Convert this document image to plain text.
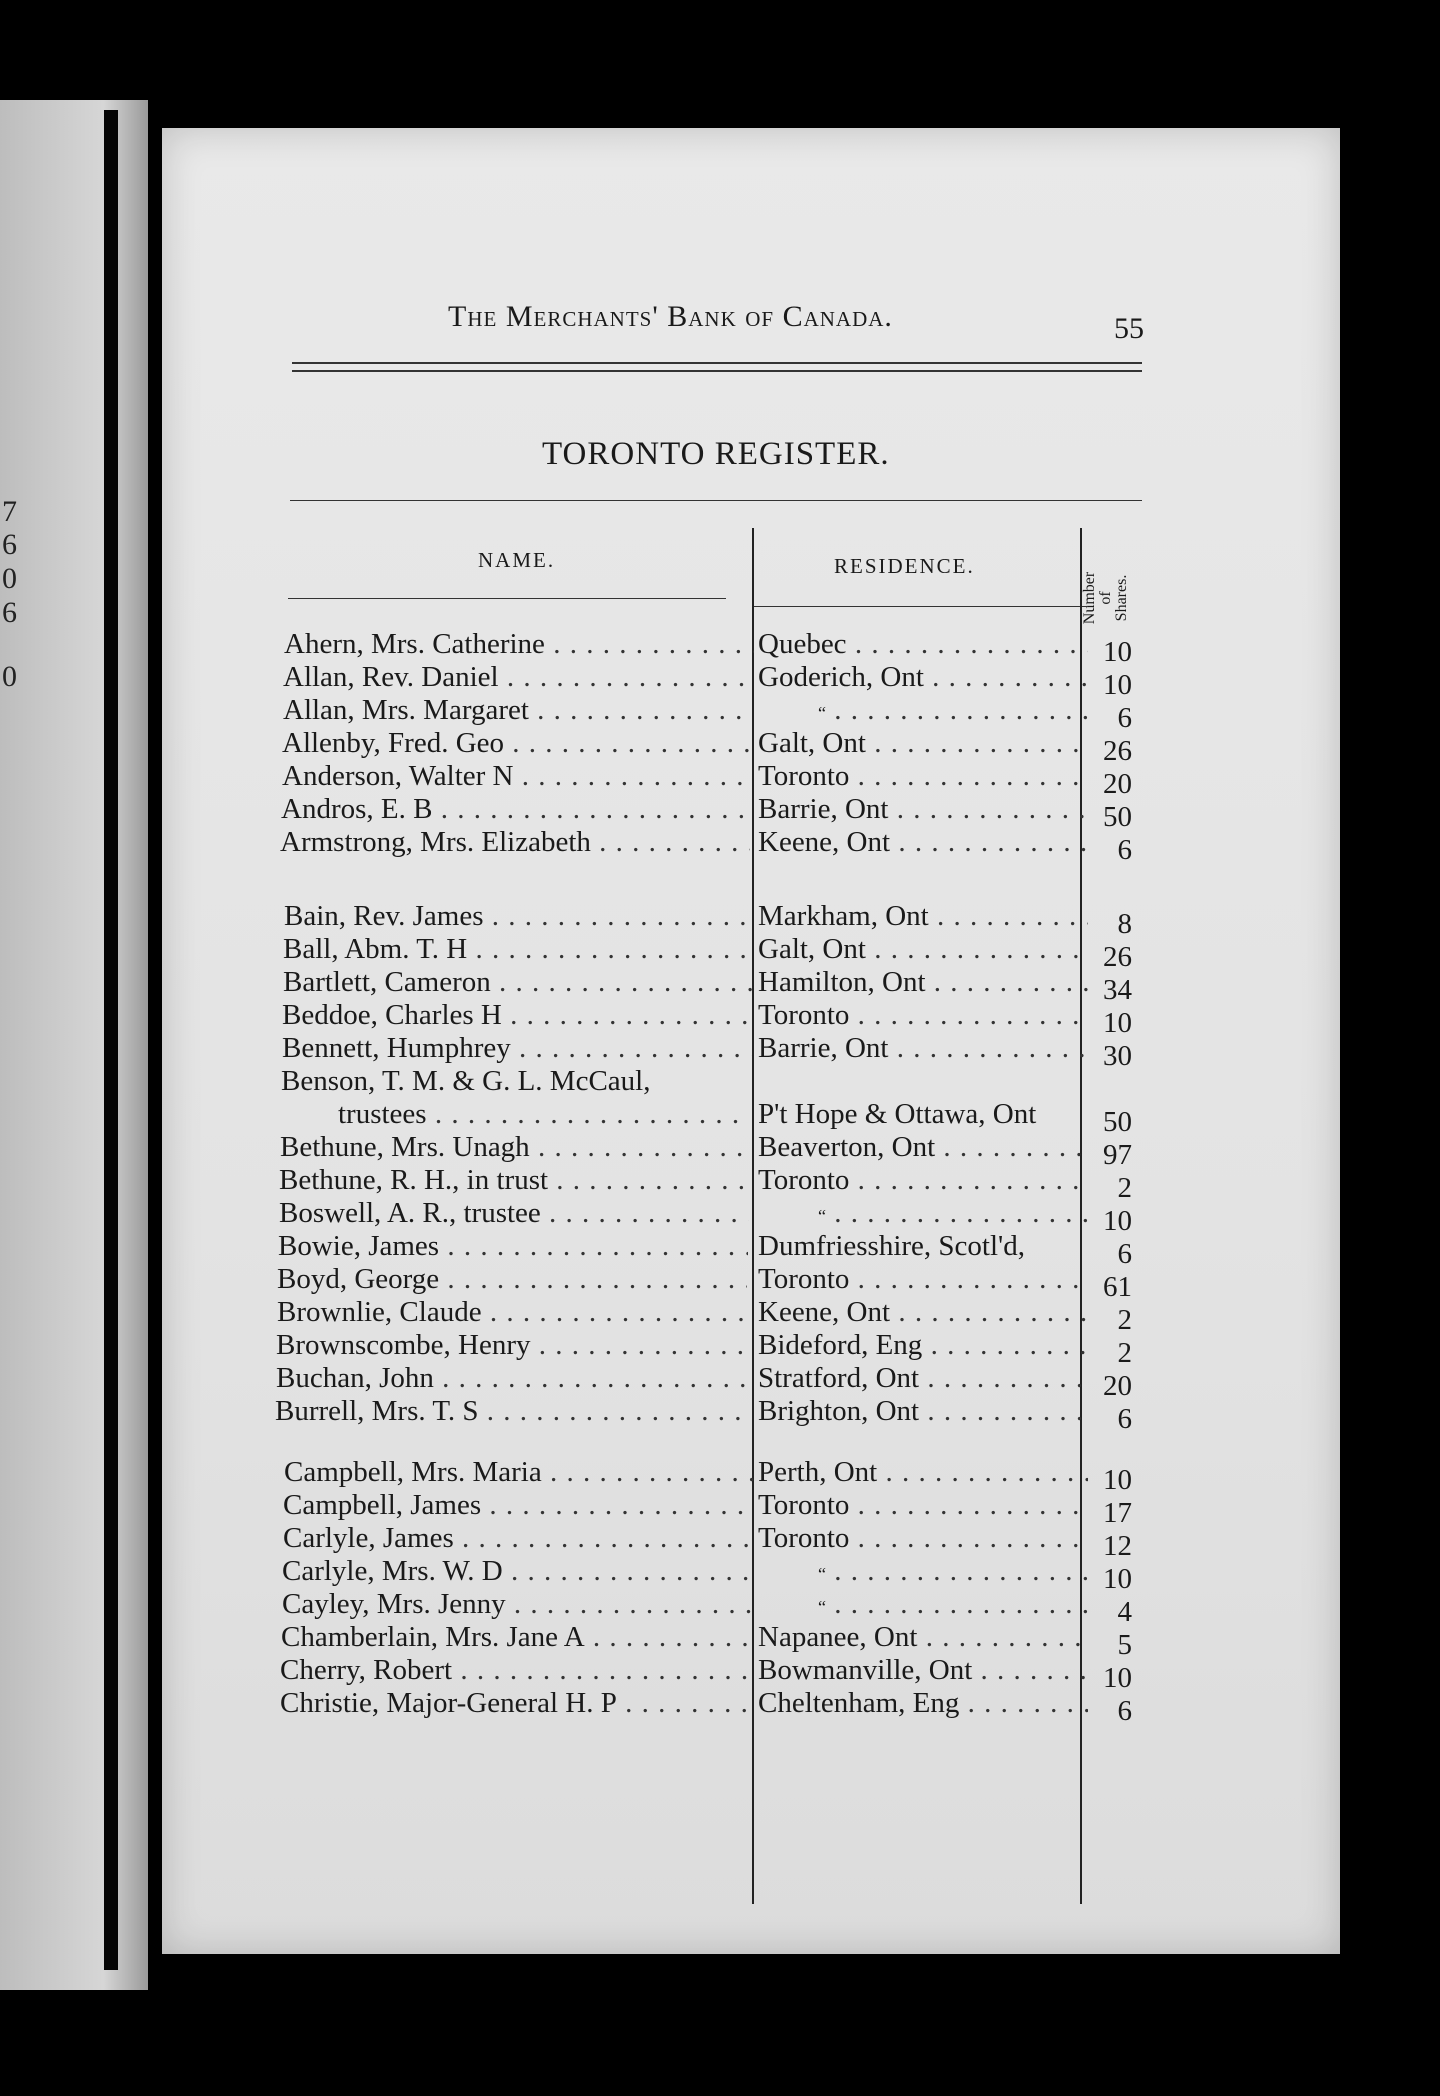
7
6
0
6
0
The Merchants' Bank of Canada.	55
TORONTO REGISTER.
NAME.	RESIDENCE.
Number
of
Shares.
Ahern, Mrs. Catherine . . .	Quebec . . .	10
Allan, Rev. Daniel . . .	Goderich, Ont . . .	10
Allan, Mrs. Margaret . . .	“ . . .	6
Allenby, Fred. Geo . . .	Galt, Ont . . .	26
Anderson, Walter N . . .	Toronto . . .	20
Andros, E. B . . .	Barrie, Ont . . .	50
Armstrong, Mrs. Elizabeth . . .	Keene, Ont . . .	6
Bain, Rev. James . . .	Markham, Ont . . .	8
Ball, Abm. T. H . . .	Galt, Ont . . .	26
Bartlett, Cameron . . .	Hamilton, Ont . . .	34
Beddoe, Charles H . . .	Toronto . . .	10
Bennett, Humphrey . . .	Barrie, Ont . . .	30
Benson, T. M. & G. L. McCaul,
trustees . . .	P't Hope & Ottawa, Ont	50
Bethune, Mrs. Unagh . . .	Beaverton, Ont . . .	97
Bethune, R. H., in trust . . .	Toronto . . .	2
Boswell, A. R., trustee . . .	“ . . .	10
Bowie, James . . .	Dumfriesshire, Scotl'd,	6
Boyd, George . . .	Toronto . . .	61
Brownlie, Claude . . .	Keene, Ont . . .	2
Brownscombe, Henry . . .	Bideford, Eng . . .	2
Buchan, John . . .	Stratford, Ont . . .	20
Burrell, Mrs. T. S . . .	Brighton, Ont . . .	6
Campbell, Mrs. Maria . . .	Perth, Ont . . .	10
Campbell, James . . .	Toronto . . .	17
Carlyle, James . . .	Toronto . . .	12
Carlyle, Mrs. W. D . . .	“ . . .	10
Cayley, Mrs. Jenny . . .	“ . . .	4
Chamberlain, Mrs. Jane A . . .	Napanee, Ont . . .	5
Cherry, Robert . . .	Bowmanville, Ont . . .	10
Christie, Major-General H. P . . .	Cheltenham, Eng . . .	6
